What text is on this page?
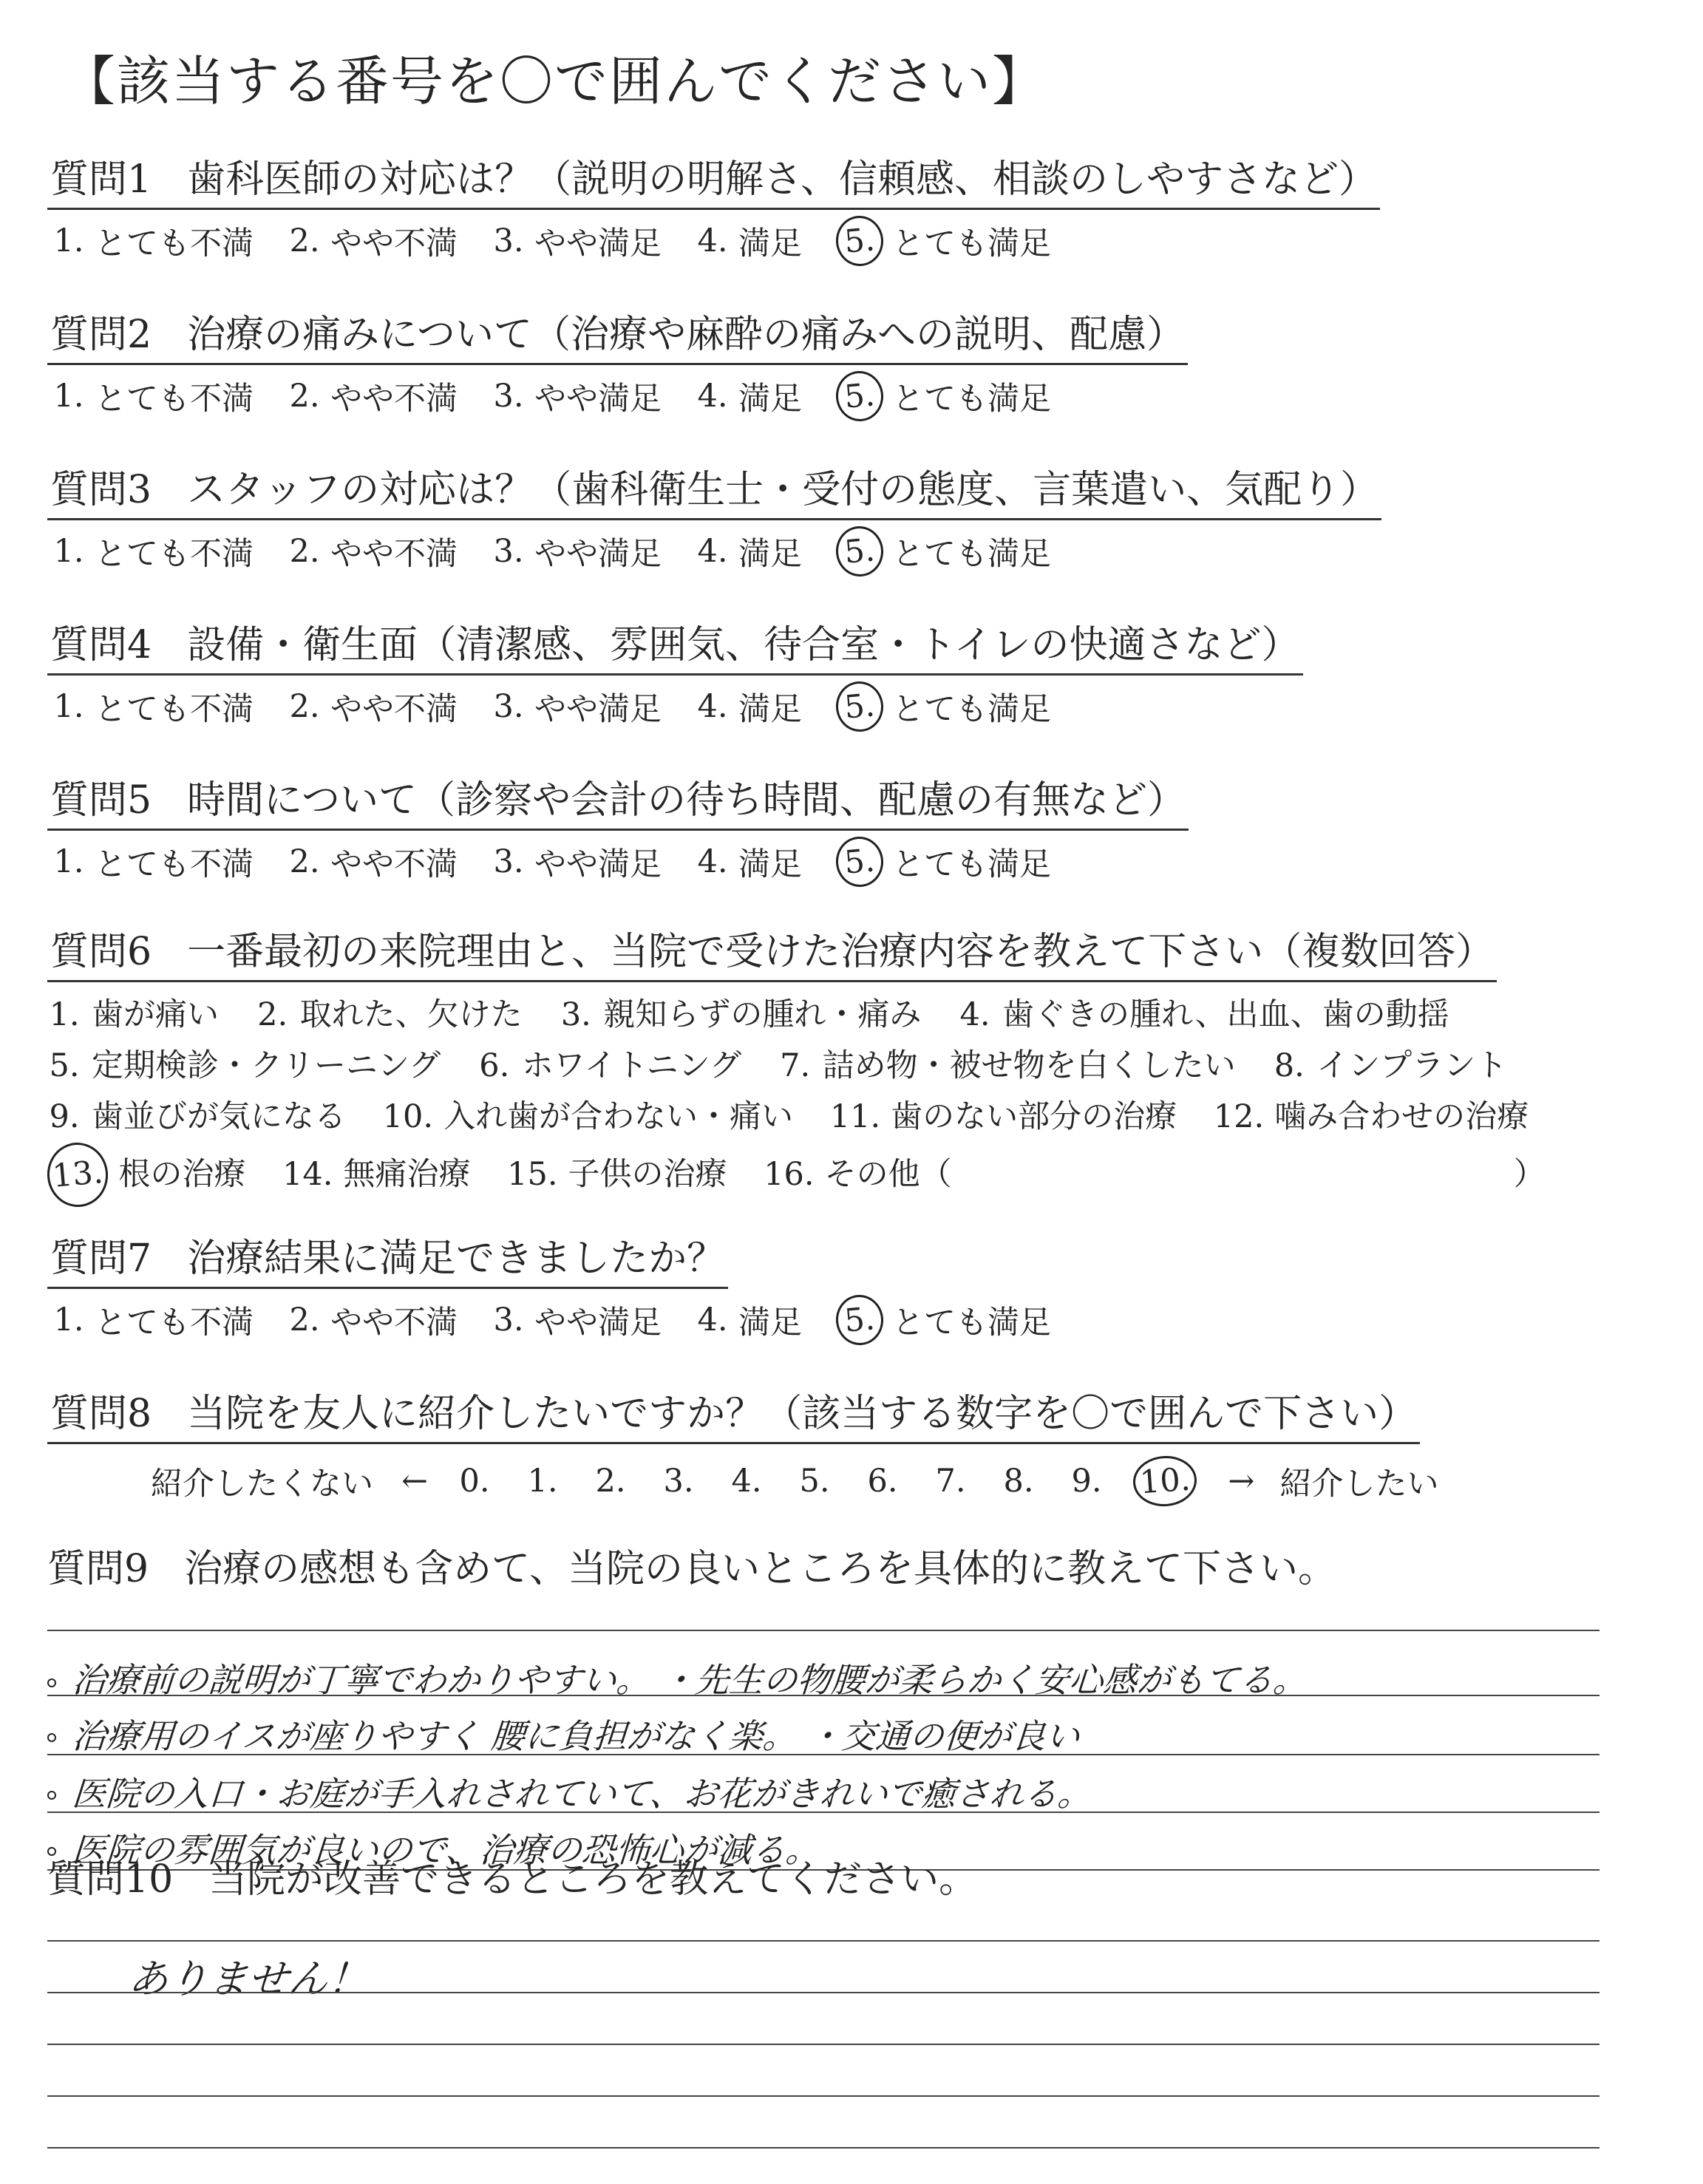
【該当する番号を〇で囲んでください】
質問1 歯科医師の対応は？（説明の明解さ、信頼感、相談のしやすさなど）
1. とても不満 2. やや不満 3. やや満足 4. 満足 5. とても満足
質問2 治療の痛みについて（治療や麻酔の痛みへの説明、配慮）
1. とても不満 2. やや不満 3. やや満足 4. 満足 5. とても満足
質問3 スタッフの対応は？（歯科衛生士・受付の態度、言葉遣い、気配り）
1. とても不満 2. やや不満 3. やや満足 4. 満足 5. とても満足
質問4 設備・衛生面（清潔感、雰囲気、待合室・トイレの快適さなど）
1. とても不満 2. やや不満 3. やや満足 4. 満足 5. とても満足
質問5 時間について（診察や会計の待ち時間、配慮の有無など）
1. とても不満 2. やや不満 3. やや満足 4. 満足 5. とても満足
質問6 一番最初の来院理由と、当院で受けた治療内容を教えて下さい（複数回答）
1. 歯が痛い 2. 取れた、欠けた 3. 親知らずの腫れ・痛み 4. 歯ぐきの腫れ、出血、歯の動揺
5. 定期検診・クリーニング 6. ホワイトニング 7. 詰め物・被せ物を白くしたい 8. インプラント
9. 歯並びが気になる 10. 入れ歯が合わない・痛い 11. 歯のない部分の治療 12. 噛み合わせの治療
13. 根の治療 14. 無痛治療 15. 子供の治療 16. その他（	）
質問7 治療結果に満足できましたか？
1. とても不満 2. やや不満 3. やや満足 4. 満足 5. とても満足
質問8 当院を友人に紹介したいですか？（該当する数字を〇で囲んで下さい）
紹介したくない ← 0. 1. 2. 3. 4. 5. 6. 7. 8. 9. 10. → 紹介したい
質問9 治療の感想も含めて、当院の良いところを具体的に教えて下さい。
治療前の説明が丁寧でわかりやすい。 ・先生の物腰が柔らかく安心感がもてる。
治療用のイスが座りやすく 腰に負担がなく楽。 ・交通の便が良い
医院の入口・お庭が手入れされていて、お花がきれいで癒される。
医院の雰囲気が良いので、治療の恐怖心が減る。
質問10 当院が改善できるところを教えてください。
ありません！
